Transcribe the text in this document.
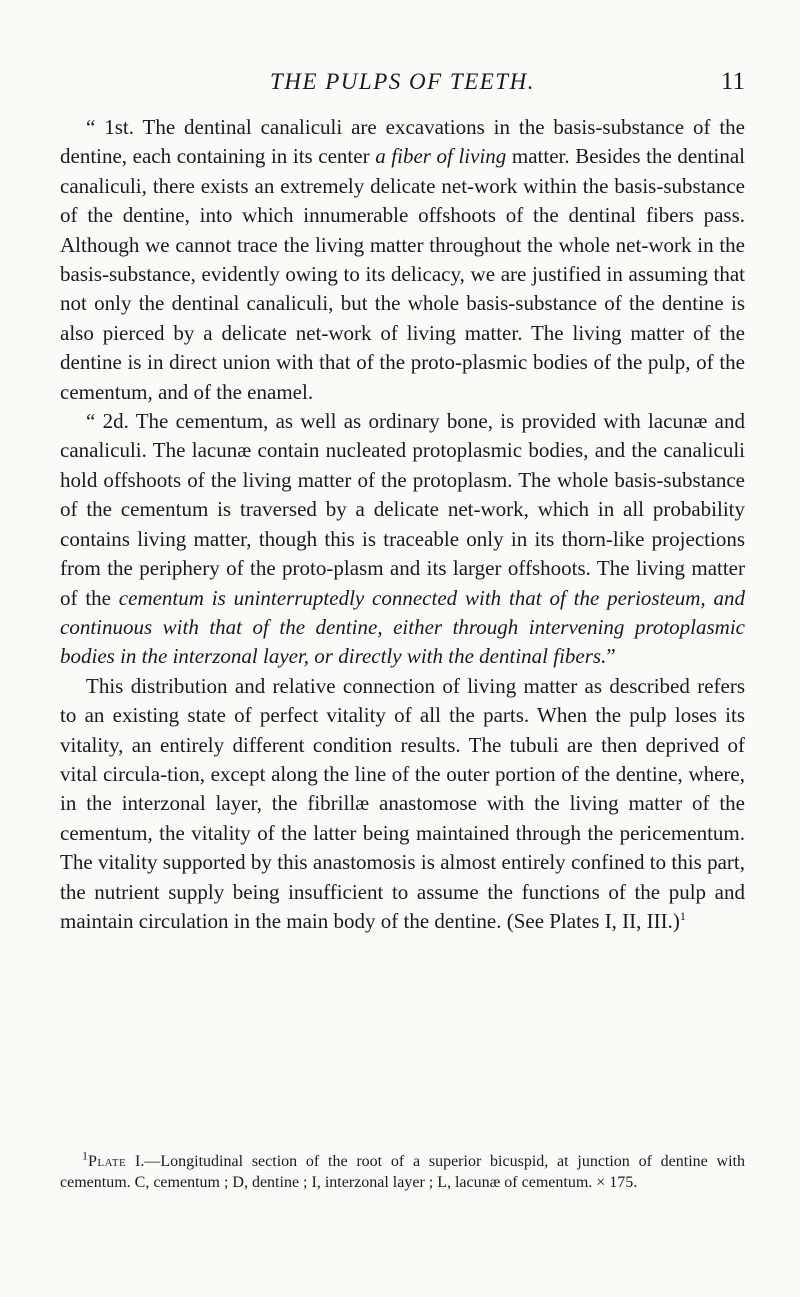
THE PULPS OF TEETH.	11

“ 1st. The dentinal canaliculi are excavations in the basis-substance of the dentine, each containing in its center a fiber of living matter. Besides the dentinal canaliculi, there exists an extremely delicate net-work within the basis-substance of the dentine, into which innumerable offshoots of the dentinal fibers pass. Although we cannot trace the living matter throughout the whole net-work in the basis-substance, evidently owing to its delicacy, we are justified in assuming that not only the dentinal canaliculi, but the whole basis-substance of the dentine is also pierced by a delicate net-work of living matter. The living matter of the dentine is in direct union with that of the proto-plasmic bodies of the pulp, of the cementum, and of the enamel.

“ 2d. The cementum, as well as ordinary bone, is provided with lacunæ and canaliculi. The lacunæ contain nucleated protoplasmic bodies, and the canaliculi hold offshoots of the living matter of the protoplasm. The whole basis-substance of the cementum is traversed by a delicate net-work, which in all probability contains living matter, though this is traceable only in its thorn-like projections from the periphery of the proto-plasm and its larger offshoots. The living matter of the cementum is uninterruptedly connected with that of the periosteum, and continuous with that of the dentine, either through intervening protoplasmic bodies in the interzonal layer, or directly with the dentinal fibers.”

This distribution and relative connection of living matter as described refers to an existing state of perfect vitality of all the parts. When the pulp loses its vitality, an entirely different condition results. The tubuli are then deprived of vital circula-tion, except along the line of the outer portion of the dentine, where, in the interzonal layer, the fibrillæ anastomose with the living matter of the cementum, the vitality of the latter being maintained through the pericementum. The vitality supported by this anastomosis is almost entirely confined to this part, the nutrient supply being insufficient to assume the functions of the pulp and maintain circulation in the main body of the dentine. (See Plates I, II, III.)$^1$

$^1$Plate I.—Longitudinal section of the root of a superior bicuspid, at junction of dentine with cementum. C, cementum ; D, dentine ; I, interzonal layer ; L, lacunæ of cementum. × 175.
